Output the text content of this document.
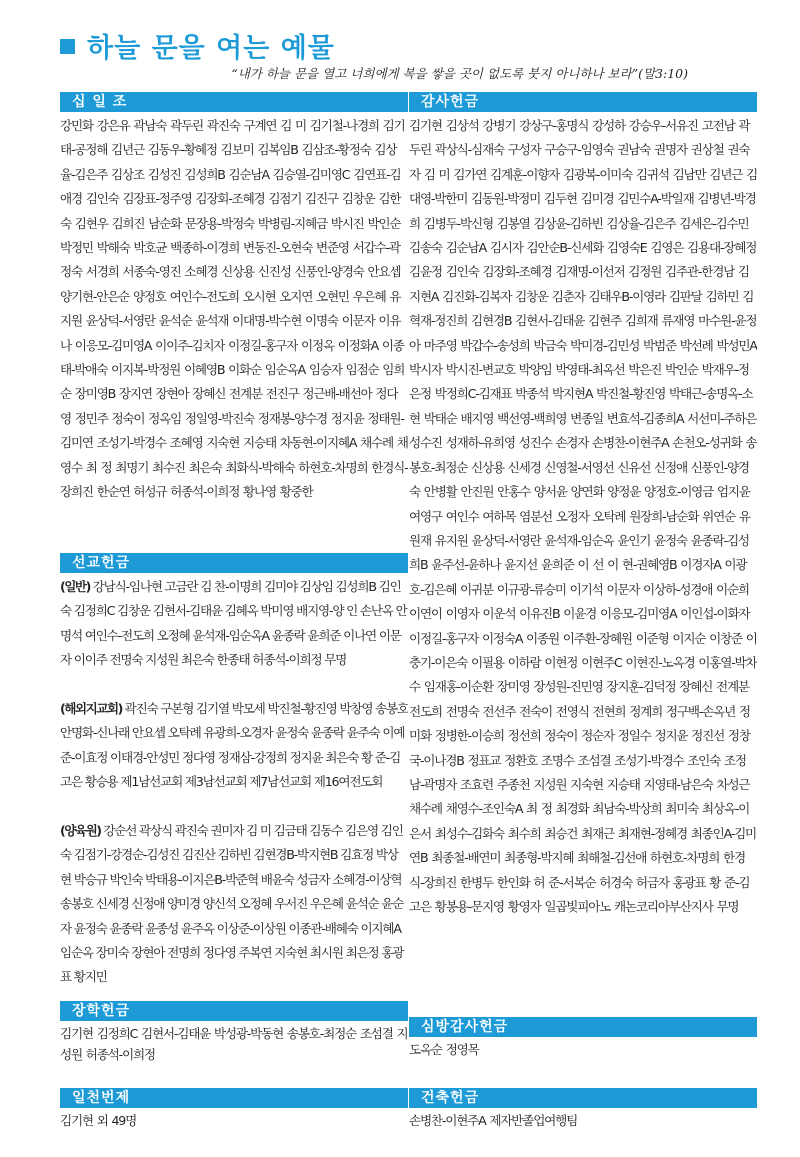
하늘 문을 여는 예물
“내가 하늘 문을 열고 너희에게 복을 쌓을 곳이 없도록 붓지 아니하나 보라”(말3:10)
십 일 조

강민화 강은유 곽남숙 곽두린 곽진숙 구계연 김 미 김기철-나경희 김기태-공정해 김년근 김동우-황혜정 김보미 김복임B 김삼조-황정숙 김상율-김은주 김상조 김성진 김성희B 김순남A 김승열-김미영C 김연표-김애경 김인숙 김장표-정주영 김장회-조혜경 김점기 김진구 김창운 김한숙 김현우 김희진 남순화 문장용-박정숙 박병림-지혜금 박시진 박인순 박정민 박해숙 박호균 백종하-이경희 변동진-오현숙 변준영 서갑수-곽정숙 서경희 서종숙-영진 소혜경 신상용 신진성 신풍인-양경숙 안요셉 양기현-안은순 양정호 여인수-전도희 오시현 오지연 오현민 우은혜 유지원 윤상덕-서영란 윤석순 윤석재 이대명-박수현 이명숙 이문자 이유나 이응모-김미영A 이이주-김치자 이정길-홍구자 이정옥 이정화A 이종태-박애숙 이지복-박정원 이혜영B 이화순 임순옥A 임승자 임점순 임희순 장미영B 장지연 장현아 장혜신 전계분 전진구 정근배-배선아 정다영 정민주 정숙이 정옥임 정일영-박진숙 정재봉-양수경 정지윤 정태원-김미연 조성기-박경수 조혜영 지숙현 지승태 차동현-이지혜A 채수례 채영수 최 정 최명기 최수진 최은숙 최화식-박해숙 하현호-차명희 한경식-장희진 한순연 허성규 허종석-이희정 황나영 황중한

선교헌금

(일반) 강남식-임나현 고금란 김 찬-이명희 김미야 김상임 김성희B 김인숙 김정희C 김창운 김현서-김태윤 김혜옥 박미영 배지영-양 인 손난옥 안명석 여인수-전도희 오정혜 윤석재-임순옥A 윤종락 윤희준 이나연 이문자 이이주 전명숙 지성원 최은숙 한종태 허종석-이희정 무명

(해외지교회) 곽진숙 구본형 김기열 박모세 박진철-황진영 박창영 송봉호 안명화-신나래 안요셉 오탁례 유광희-오경자 윤정숙 윤종락 윤주숙 이예준-이효정 이태경-안성민 정다영 정재삼-강정희 정지윤 최은숙 황 준-김고은 황승용 제1남선교회 제3남선교회 제7남선교회 제16여전도회

(양육원) 강순선 곽상식 곽진숙 권미자 김 미 김금태 김동수 김은영 김인숙 김점기-강경순-김성진 김진산 김하빈 김현경B-박지현B 김효정 박상현 박승규 박인숙 박태용-이지은B-박준혁 배윤숙 성금자 소혜경-이상혁 송봉호 신세경 신정애 양미경 양신석 오정혜 우서진 우은혜 윤석순 윤순자 윤정숙 윤종락 윤종성 윤주옥 이상준-이상원 이종관-배혜숙 이지혜A 임순옥 장미숙 장현아 전명희 정다영 주복연 지숙현 최시원 최은정 홍광표 황지민

장학헌금

김기현 김정희C 김현서-김태윤 박성광-박동현 송봉호-최정순 조섬결 지성원 허종석-이희정

일천번제

김기현 외 49명

감사헌금

김기현 김상석 강병기 강상구-홍명식 강성하 강승우-서유진 고전남 곽두린 곽상식-심재숙 구성자 구승구-임영숙 권남숙 권명자 권상철 권숙자 김 미 김가연 김계훈-이향자 김광복-이미숙 김귀석 김남만 김년근 김대영-박한미 김동원-박정미 김두현 김미경 김민수A-박일재 김병년-박경희 김병두-박신형 김봉열 김상윤-김하빈 김상율-김은주 김세은-김수민 김송숙 김순남A 김시자 김안순B-신세화 김영숙E 김영은 김용대-장혜정 김윤정 김인숙 김장회-조혜경 김재명-이선저 김정원 김주관-한경남 김지현A 김진화-김복자 김창운 김춘자 김태우B-이영라 김판달 김하민 김혁재-정진희 김현경B 김현서-김태윤 김현주 김희재 류재영 마수원-윤정아 마주영 박갑수-송성희 박금숙 박미경-김민성 박범준 박선례 박성민A 박시자 박시진-변교호 박양임 박영태-최옥선 박은진 박인순 박재우-정은정 박정희C-김재표 박종석 박지현A 박진철-황진영 박태근-송명옥-소현 박태순 배지영 백선영-백희영 변종일 변효석-김종희A 서선미-주하은 성수진 성재하-유희영 성진수 손경자 손병찬-이현주A 손천오-성귀화 송봉호-최정순 신상용 신세경 신영철-서영선 신유선 신정애 신풍인-양경숙 안병활 안진원 안홍수 양서윤 양연화 양정윤 양정호-이영금 엄지윤 여영구 여인수 여하목 염분선 오정자 오탁례 원장희-남순화 위연순 유원재 유지원 윤상덕-서영란 윤석재-임순옥 윤인기 윤정숙 윤종락-김성희B 윤주선-윤하나 윤지선 윤희준 이 선 이 현-권혜영B 이경자A 이광호-김은혜 이귀분 이규광-류승미 이기석 이문자 이상하-성경애 이순희 이연이 이영자 이운석 이유진B 이윤경 이응모-김미영A 이인섭-이화자 이정길-홍구자 이정숙A 이종원 이주환-장혜원 이준형 이지순 이창준 이충기-이은숙 이필용 이하람 이현정 이현주C 이현진-노옥경 이홍열-박차수 임재홍-이순환 장미영 장성원-진민영 장지훈-김덕정 장혜신 전계분 전도희 전명숙 전선주 전숙이 전영식 전현희 정계희 정구백-손옥년 정미화 정병한-이승희 정선희 정숙이 정순자 정일수 정지윤 정진선 정창국-이나경B 정표교 정환호 조명수 조섬결 조성기-박경수 조인숙 조정남-곽명자 조효련 주종천 지성원 지숙현 지승태 지영태-남은숙 차성근 채수례 채영수-조인숙A 최 정 최경화 최남숙-박상희 최미숙 최상옥-이은서 최성수-김화숙 최수희 최승건 최재근 최재현-정혜경 최종인A-김미연B 최종철-배연미 최종형-박지혜 최해철-김선애 하현호-차명희 한경식-장희진 한병두 한인화 허 준-서복순 허경숙 허금자 홍광표 황 준-김고은 황봉용-문지영 황영자 일곱빛피아노 캐논코리아부산지사 무명

심방감사헌금

도옥순 정영목

건축헌금

손병찬-이현주A 제자반졸업여행팀
